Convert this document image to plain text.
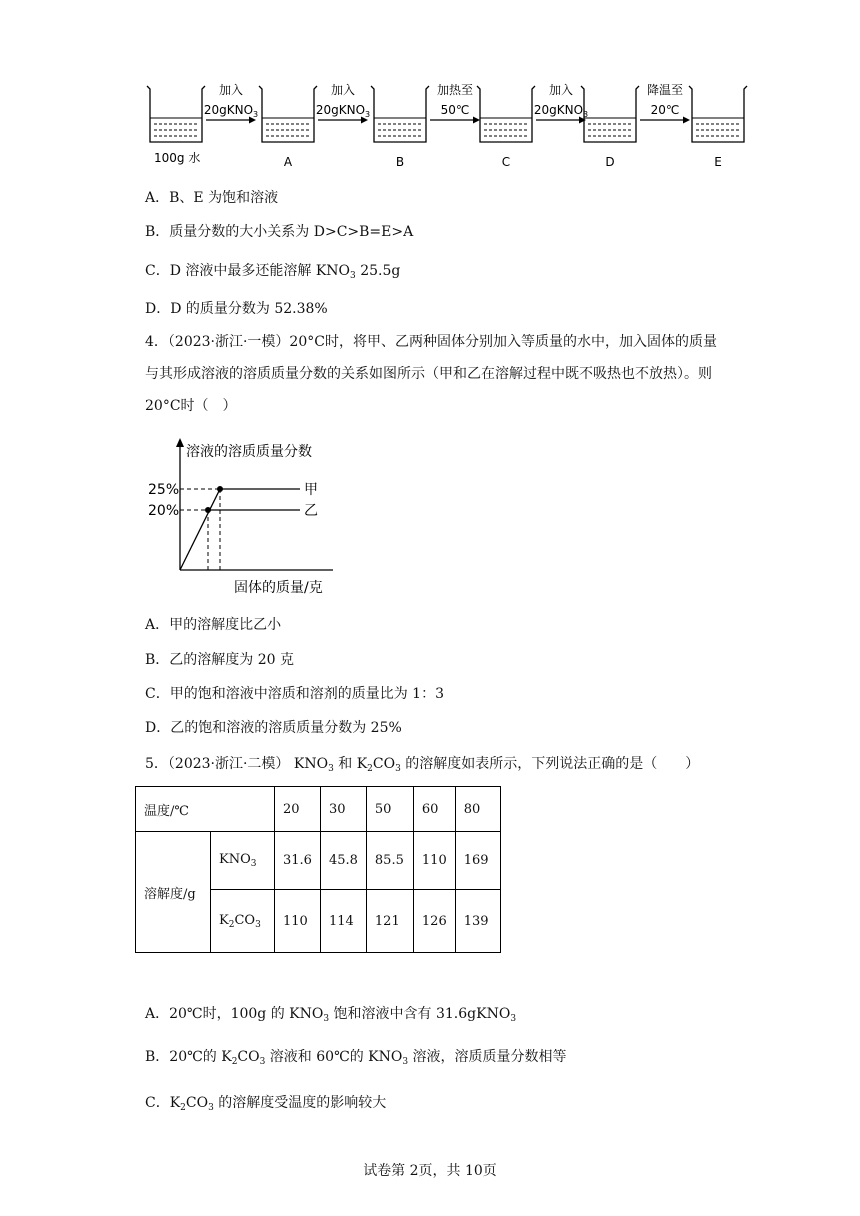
A	B	C	D	E
加入
20gKNO$_3$
加入
20gKNO$_3$
加热至
50℃
加入
20gKNO$_3$
降温至
20℃
100g 水
A．B、E 为饱和溶液
B．质量分数的大小关系为 D>C>B=E>A
C．D 溶液中最多还能溶解 $KNO_3$ 25.5g
D．D 的质量分数为 52.38%
4．（2023·浙江·一模）20°C时，将甲、乙两种固体分别加入等质量的水中，加入固体的质量与其形成溶液的溶质质量分数的关系如图所示（甲和乙在溶解过程中既不吸热也不放热）。则 20°C时（　）
溶液的溶质质量分数
25%
20%
甲
乙
固体的质量/克
A．甲的溶解度比乙小
B．乙的溶解度为 20 克
C．甲的饱和溶液中溶质和溶剂的质量比为 1：3
D．乙的饱和溶液的溶质质量分数为 25%
5．（2023·浙江·二模） $KNO_3$ 和 $K_2CO_3$ 的溶解度如表所示，下列说法正确的是（　　）
温度/℃		20	30	50	60	80
溶解度/g	$KNO_3$	31.6	45.8	85.5	110	169
	$K_2CO_3$	110	114	121	126	139
A．20℃时，100g 的 $KNO_3$ 饱和溶液中含有 31.6gKNO$_3$
B．20℃的 $K_2CO_3$ 溶液和 60℃的 $KNO_3$ 溶液，溶质质量分数相等
C．$K_2CO_3$ 的溶解度受温度的影响较大
试卷第 2页，共 10页
